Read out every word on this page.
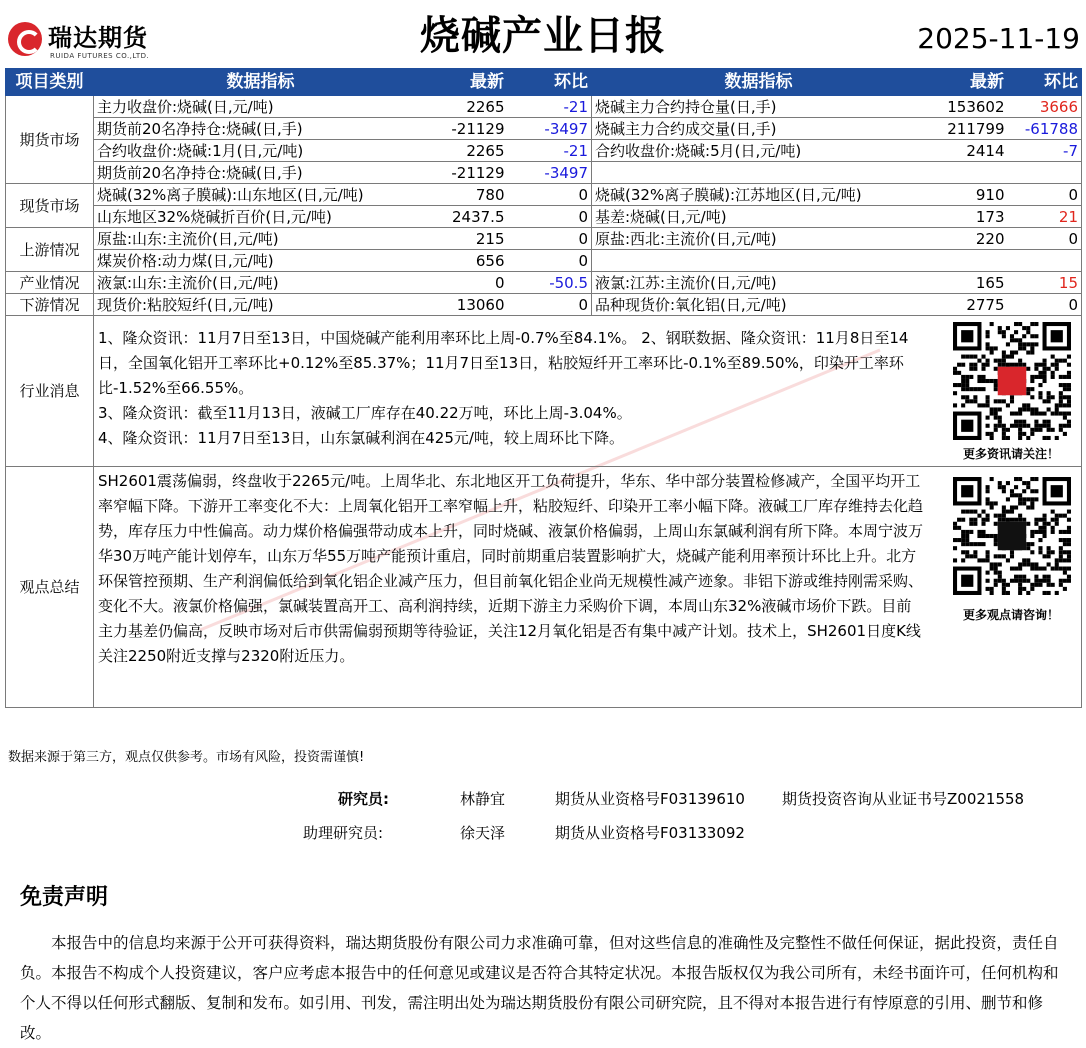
瑞达期货
RUIDA FUTURES CO.,LTD.	烧碱产业日报	2025-11-19
项目类别	数据指标	最新	环比	数据指标	最新	环比
期货市场	主力收盘价:烧碱(日,元/吨)	2265	-21	烧碱主力合约持仓量(日,手)	153602	3666
	期货前20名净持仓:烧碱(日,手)	-21129	-3497	烧碱主力合约成交量(日,手)	211799	-61788
	合约收盘价:烧碱:1月(日,元/吨)	2265	-21	合约收盘价:烧碱:5月(日,元/吨)	2414	-7
	期货前20名净持仓:烧碱(日,手)	-21129	-3497			
现货市场	烧碱(32%离子膜碱):山东地区(日,元/吨)	780	0	烧碱(32%离子膜碱):江苏地区(日,元/吨)	910	0
	山东地区32%烧碱折百价(日,元/吨)	2437.5	0	基差:烧碱(日,元/吨)	173	21
上游情况	原盐:山东:主流价(日,元/吨)	215	0	原盐:西北:主流价(日,元/吨)	220	0
	煤炭价格:动力煤(日,元/吨)	656	0			
产业情况	液氯:山东:主流价(日,元/吨)	0	-50.5	液氯:江苏:主流价(日,元/吨)	165	15
下游情况	现货价:粘胶短纤(日,元/吨)	13060	0	品种现货价:氧化铝(日,元/吨)	2775	0
行业消息	1、隆众资讯：11月7日至13日，中国烧碱产能利用率环比上周-0.7%至84.1%。 2、钢联数据、隆众资讯：11月8日至14日，全国氧化铝开工率环比+0.12%至85.37%；11月7日至13日，粘胶短纤开工率环比-0.1%至89.50%，印染开工率环比-1.52%至66.55%。

3、隆众资讯：截至11月13日，液碱工厂库存在40.22万吨，环比上周-3.04%。

4、隆众资讯：11月7日至13日，山东氯碱利润在425元/吨，较上周环比下降。

更多资讯请关注！					

观点总结	SH2601震荡偏弱，终盘收于2265元/吨。上周华北、东北地区开工负荷提升，华东、华中部分装置检修减产，全国平均开工率窄幅下降。下游开工率变化不大：上周氧化铝开工率窄幅上升，粘胶短纤、印染开工率小幅下降。液碱工厂库存维持去化趋势，库存压力中性偏高。动力煤价格偏强带动成本上升，同时烧碱、液氯价格偏弱，上周山东氯碱利润有所下降。本周宁波万华30万吨产能计划停车，山东万华55万吨产能预计重启，同时前期重启装置影响扩大，烧碱产能利用率预计环比上升。北方环保管控预期、生产利润偏低给到氧化铝企业减产压力，但目前氧化铝企业尚无规模性减产迹象。非铝下游或维持刚需采购、变化不大。液氯价格偏强，氯碱装置高开工、高利润持续，近期下游主力采购价下调，本周山东32%液碱市场价下跌。目前主力基差仍偏高，反映市场对后市供需偏弱预期等待验证，关注12月氧化铝是否有集中减产计划。技术上，SH2601日度K线关注2250附近支撑与2320附近压力。

更多观点请咨询！					
数据来源于第三方，观点仅供参考。市场有风险，投资需谨慎!
研究员:	林静宜	期货从业资格号F03139610 期货投资咨询从业证书号Z0021558
助理研究员:	徐天泽	期货从业资格号F03133092
免责声明

本报告中的信息均来源于公开可获得资料，瑞达期货股份有限公司力求准确可靠，但对这些信息的准确性及完整性不做任何保证，据此投资，责任自负。本报告不构成个人投资建议，客户应考虑本报告中的任何意见或建议是否符合其特定状况。本报告版权仅为我公司所有，未经书面许可，任何机构和个人不得以任何形式翻版、复制和发布。如引用、刊发，需注明出处为瑞达期货股份有限公司研究院，且不得对本报告进行有悖原意的引用、删节和修改。
